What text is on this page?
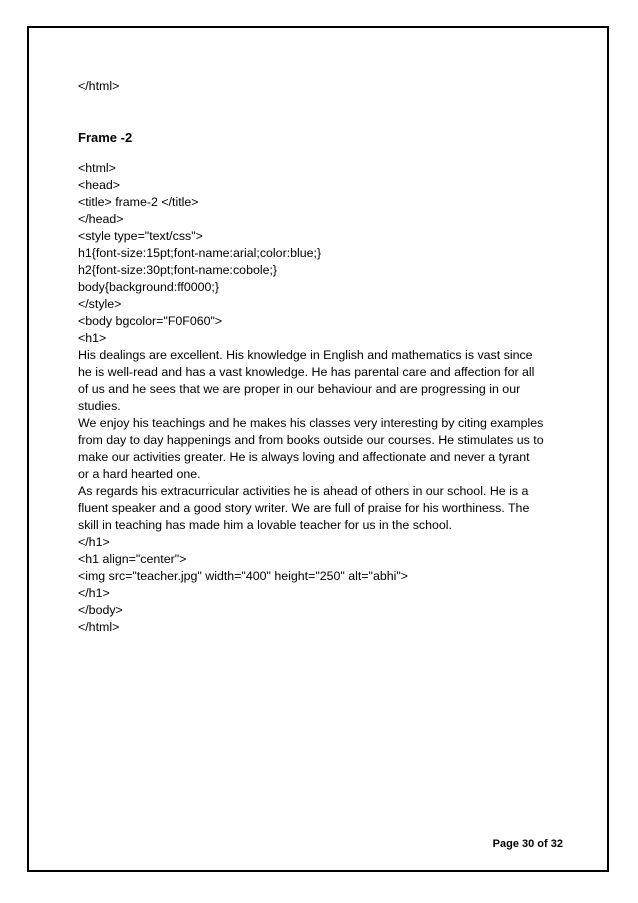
</html>
Frame -2
<html>
<head>
<title> frame-2 </title>
</head>
<style type="text/css">
h1{font-size:15pt;font-name:arial;color:blue;}
h2{font-size:30pt;font-name:cobole;}
body{background:ff0000;}
</style>
<body bgcolor="F0F060">
<h1>
His dealings are excellent. His knowledge in English and mathematics is vast since
he is well-read and has a vast knowledge. He has parental care and affection for all
of us and he sees that we are proper in our behaviour and are progressing in our
studies.
We enjoy his teachings and he makes his classes very interesting by citing examples
from day to day happenings and from books outside our courses. He stimulates us to
make our activities greater. He is always loving and affectionate and never a tyrant
or a hard hearted one.
As regards his extracurricular activities he is ahead of others in our school. He is a
fluent speaker and a good story writer. We are full of praise for his worthiness. The
skill in teaching has made him a lovable teacher for us in the school.
</h1>
<h1 align="center">
<img src="teacher.jpg" width="400" height="250" alt="abhi">
</h1>
</body>
</html>
Page 30 of 32
